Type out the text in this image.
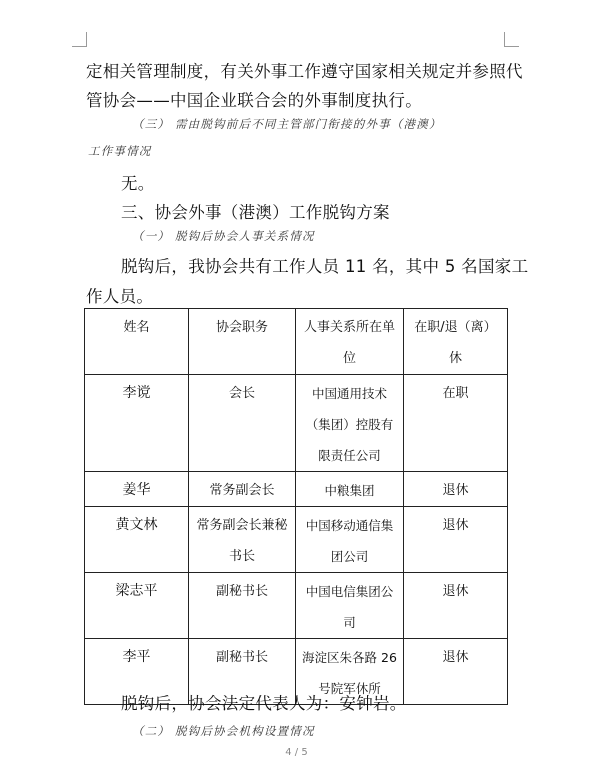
定相关管理制度，有关外事工作遵守国家相关规定并参照代
管协会——中国企业联合会的外事制度执行。
（三） 需由脱钩前后不同主管部门衔接的外事（港澳）
工作事情况
无。
三、协会外事（港澳）工作脱钩方案
（一） 脱钩后协会人事关系情况
脱钩后，我协会共有工作人员 11 名，其中 5 名国家工
作人员。
姓名	协会职务	人事关系所在单位	在职/退（离）休
李谠	会长	中国通用技术（集团）控股有限责任公司	在职
姜华	常务副会长	中粮集团	退休
黄文林	常务副会长兼秘书长	中国移动通信集团公司	退休
梁志平	副秘书长	中国电信集团公司	退休
李平	副秘书长	海淀区朱各路 26 号院军休所	退休
脱钩后，协会法定代表人为：安钟岩。
（二） 脱钩后协会机构设置情况
4 / 5
